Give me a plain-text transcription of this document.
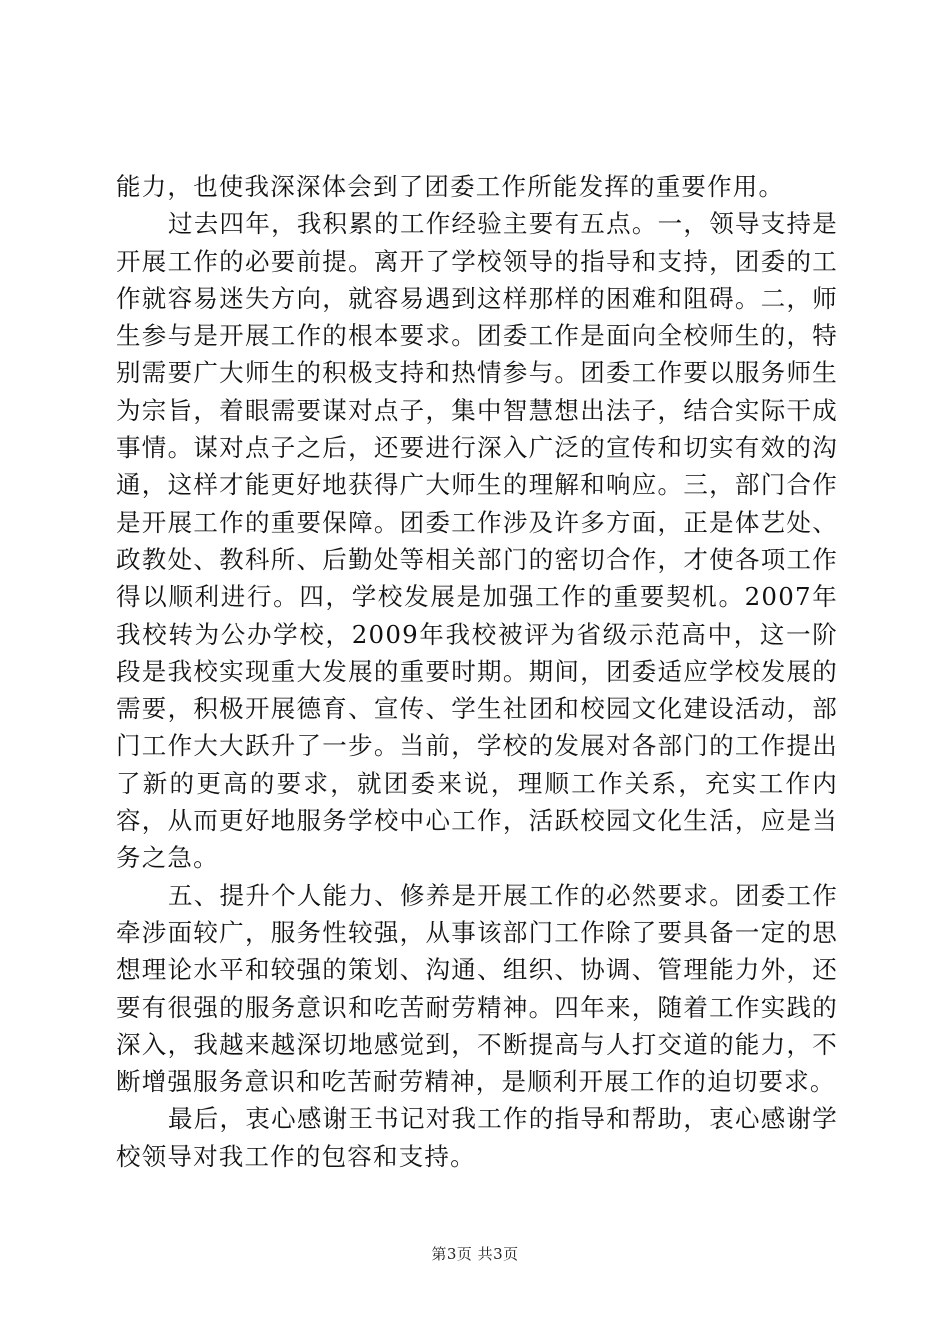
能力，也使我深深体会到了团委工作所能发挥的重要作用。

过去四年，我积累的工作经验主要有五点。一，领导支持是开展工作的必要前提。离开了学校领导的指导和支持，团委的工作就容易迷失方向，就容易遇到这样那样的困难和阻碍。二，师生参与是开展工作的根本要求。团委工作是面向全校师生的，特别需要广大师生的积极支持和热情参与。团委工作要以服务师生为宗旨，着眼需要谋对点子，集中智慧想出法子，结合实际干成事情。谋对点子之后，还要进行深入广泛的宣传和切实有效的沟通，这样才能更好地获得广大师生的理解和响应。三，部门合作是开展工作的重要保障。团委工作涉及许多方面，正是体艺处、政教处、教科所、后勤处等相关部门的密切合作，才使各项工作得以顺利进行。四，学校发展是加强工作的重要契机。2007年我校转为公办学校，2009年我校被评为省级示范高中，这一阶段是我校实现重大发展的重要时期。期间，团委适应学校发展的需要，积极开展德育、宣传、学生社团和校园文化建设活动，部门工作大大跃升了一步。当前，学校的发展对各部门的工作提出了新的更高的要求，就团委来说，理顺工作关系，充实工作内容，从而更好地服务学校中心工作，活跃校园文化生活，应是当务之急。

五、提升个人能力、修养是开展工作的必然要求。团委工作牵涉面较广，服务性较强，从事该部门工作除了要具备一定的思想理论水平和较强的策划、沟通、组织、协调、管理能力外，还要有很强的服务意识和吃苦耐劳精神。四年来，随着工作实践的深入，我越来越深切地感觉到，不断提高与人打交道的能力，不断增强服务意识和吃苦耐劳精神，是顺利开展工作的迫切要求。

最后，衷心感谢王书记对我工作的指导和帮助，衷心感谢学校领导对我工作的包容和支持。

第3页 共3页
